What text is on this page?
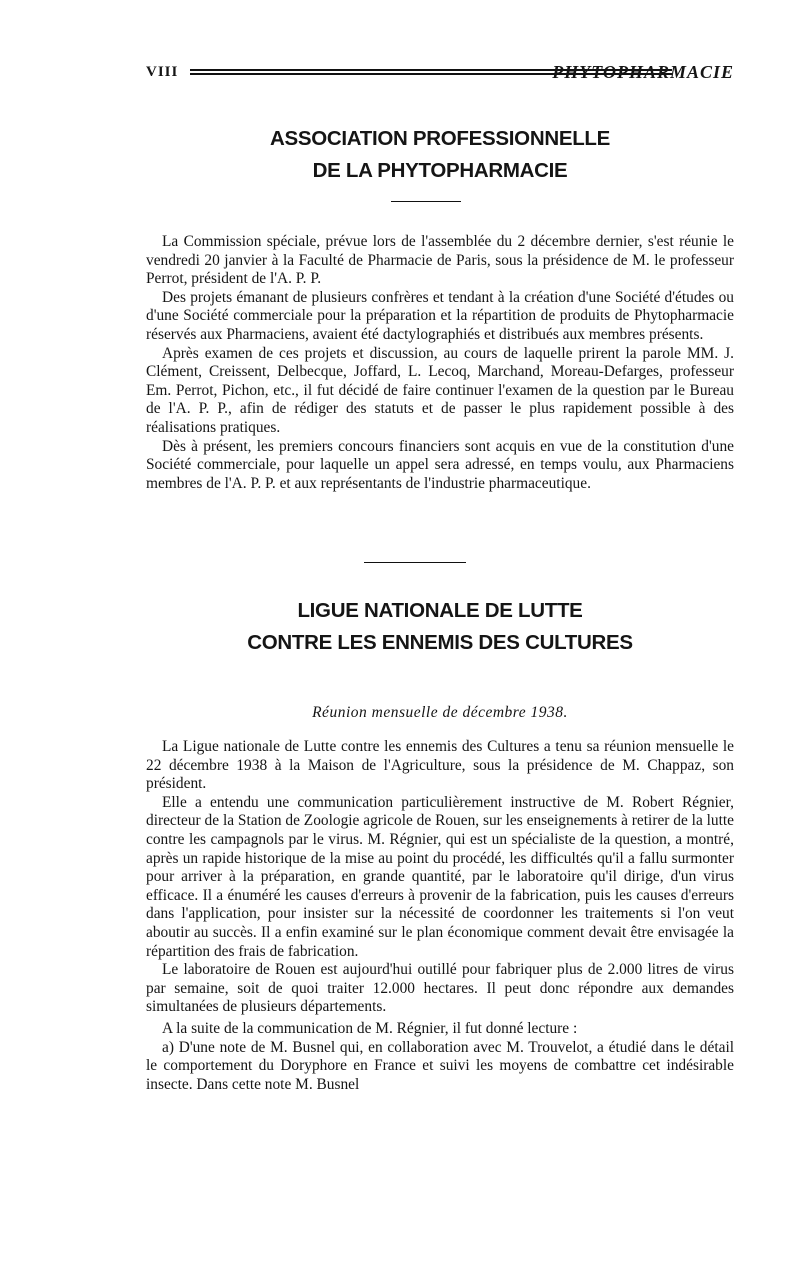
VIII	PHYTOPHARMACIE
ASSOCIATION PROFESSIONNELLE
DE LA PHYTOPHARMACIE

La Commission spéciale, prévue lors de l'assemblée du 2 décembre dernier, s'est réunie le vendredi 20 janvier à la Faculté de Pharmacie de Paris, sous la présidence de M. le professeur Perrot, président de l'A. P. P.

Des projets émanant de plusieurs confrères et tendant à la création d'une Société d'études ou d'une Société commerciale pour la préparation et la répartition de produits de Phytopharmacie réservés aux Pharmaciens, avaient été dactylographiés et distribués aux membres présents.

Après examen de ces projets et discussion, au cours de laquelle prirent la parole MM. J. Clément, Creissent, Delbecque, Joffard, L. Lecoq, Marchand, Moreau-Defarges, professeur Em. Perrot, Pichon, etc., il fut décidé de faire continuer l'examen de la question par le Bureau de l'A. P. P., afin de rédiger des statuts et de passer le plus rapidement possible à des réalisations pratiques.

Dès à présent, les premiers concours financiers sont acquis en vue de la constitution d'une Société commerciale, pour laquelle un appel sera adressé, en temps voulu, aux Pharmaciens membres de l'A. P. P. et aux représentants de l'industrie pharmaceutique.

LIGUE NATIONALE DE LUTTE
CONTRE LES ENNEMIS DES CULTURES
Réunion mensuelle de décembre 1938.

La Ligue nationale de Lutte contre les ennemis des Cultures a tenu sa réunion mensuelle le 22 décembre 1938 à la Maison de l'Agriculture, sous la présidence de M. Chappaz, son président.

Elle a entendu une communication particulièrement instructive de M. Robert Régnier, directeur de la Station de Zoologie agricole de Rouen, sur les enseignements à retirer de la lutte contre les campagnols par le virus. M. Régnier, qui est un spécialiste de la question, a montré, après un rapide historique de la mise au point du procédé, les difficultés qu'il a fallu surmonter pour arriver à la préparation, en grande quantité, par le laboratoire qu'il dirige, d'un virus efficace. Il a énuméré les causes d'erreurs à provenir de la fabrication, puis les causes d'erreurs dans l'application, pour insister sur la nécessité de coordonner les traitements si l'on veut aboutir au succès. Il a enfin examiné sur le plan économique comment devait être envisagée la répartition des frais de fabrication.

Le laboratoire de Rouen est aujourd'hui outillé pour fabriquer plus de 2.000 litres de virus par semaine, soit de quoi traiter 12.000 hectares. Il peut donc répondre aux demandes simultanées de plusieurs départements.

A la suite de la communication de M. Régnier, il fut donné lecture :

a) D'une note de M. Busnel qui, en collaboration avec M. Trouvelot, a étudié dans le détail le comportement du Doryphore en France et suivi les moyens de combattre cet indésirable insecte. Dans cette note M. Busnel
